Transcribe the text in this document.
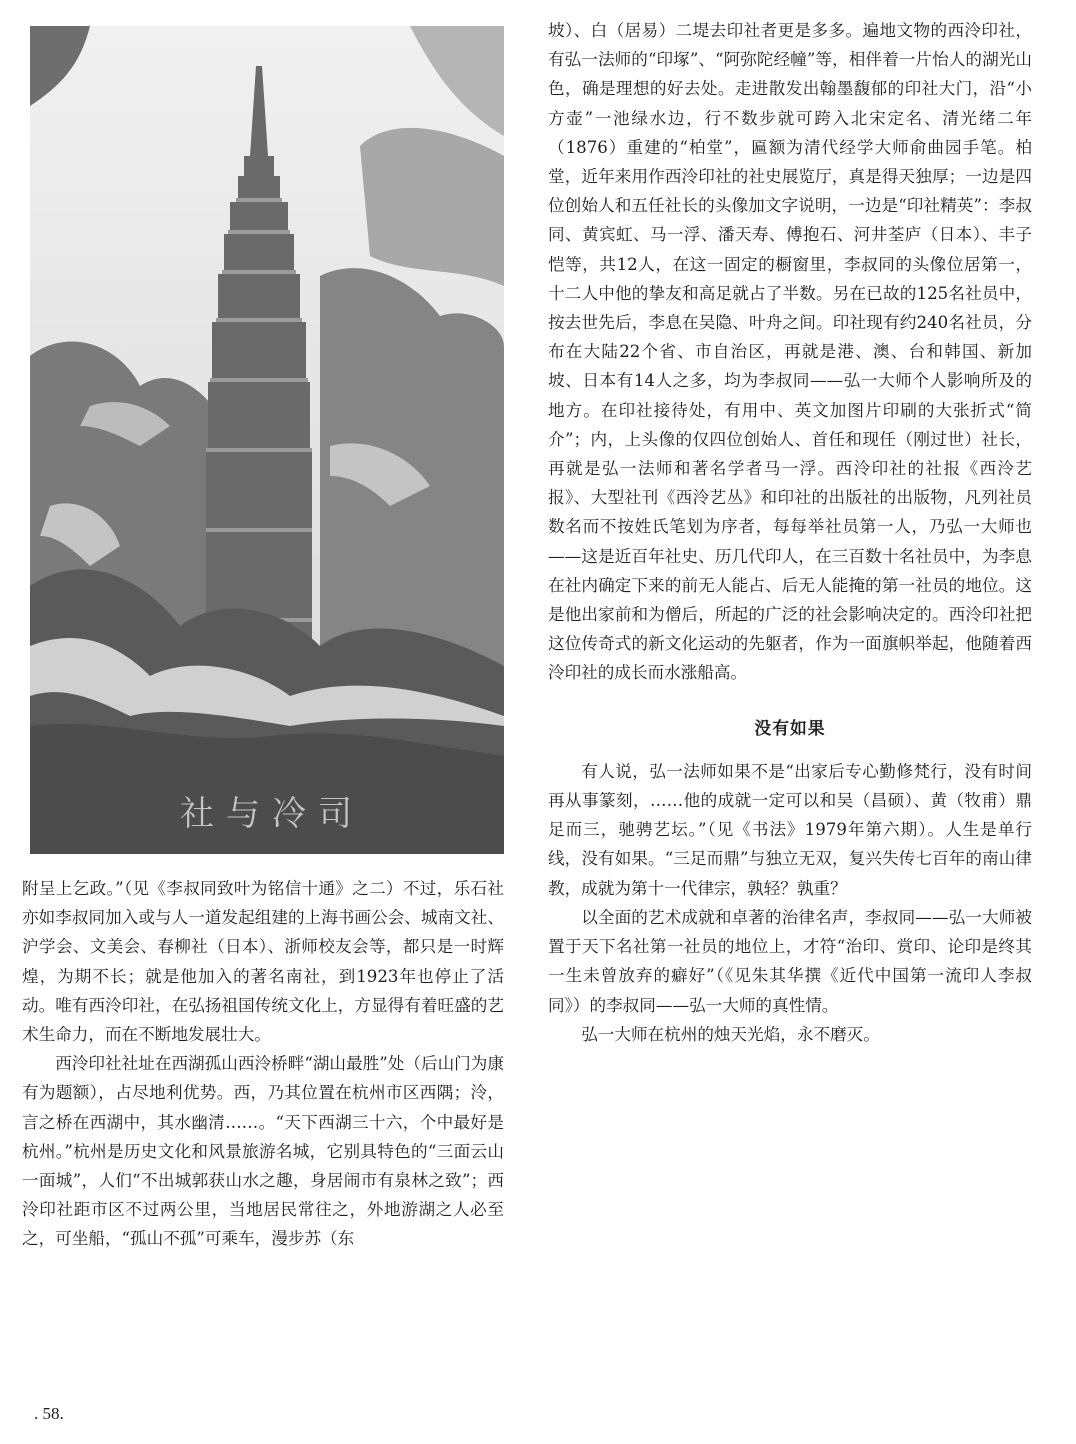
社与冷司

附呈上乞政。”（见《李叔同致叶为铭信十通》之二）不过，乐石社亦如李叔同加入或与人一道发起组建的上海书画公会、城南文社、沪学会、文美会、春柳社（日本）、浙师校友会等，都只是一时辉煌，为期不长；就是他加入的著名南社，到1923年也停止了活动。唯有西泠印社，在弘扬祖国传统文化上，方显得有着旺盛的艺术生命力，而在不断地发展壮大。

西泠印社社址在西湖孤山西泠桥畔“湖山最胜”处（后山门为康有为题额），占尽地利优势。西，乃其位置在杭州市区西隅；泠，言之桥在西湖中，其水幽清……。“天下西湖三十六，个中最好是杭州。”杭州是历史文化和风景旅游名城，它别具特色的“三面云山一面城”，人们“不出城郭获山水之趣，身居闹市有泉林之致”；西泠印社距市区不过两公里，当地居民常往之，外地游湖之人必至之，可坐船，“孤山不孤”可乘车，漫步苏（东

坡）、白（居易）二堤去印社者更是多多。遍地文物的西泠印社，有弘一法师的“印塚”、“阿弥陀经幢”等，相伴着一片怡人的湖光山色，确是理想的好去处。走进散发出翰墨馥郁的印社大门，沿“小方壶”一池绿水边，行不数步就可跨入北宋定名、清光绪二年（1876）重建的“柏堂”，匾额为清代经学大师俞曲园手笔。柏堂，近年来用作西泠印社的社史展览厅，真是得天独厚；一边是四位创始人和五任社长的头像加文字说明，一边是“印社精英”：李叔同、黄宾虹、马一浮、潘天寿、傅抱石、河井荃庐（日本）、丰子恺等，共12人，在这一固定的橱窗里，李叔同的头像位居第一，十二人中他的挚友和高足就占了半数。另在已故的125名社员中，按去世先后，李息在吴隐、叶舟之间。印社现有约240名社员，分布在大陆22个省、市自治区，再就是港、澳、台和韩国、新加坡、日本有14人之多，均为李叔同——弘一大师个人影响所及的地方。在印社接待处，有用中、英文加图片印刷的大张折式“简介”；内，上头像的仅四位创始人、首任和现任（刚过世）社长，再就是弘一法师和著名学者马一浮。西泠印社的社报《西泠艺报》、大型社刊《西泠艺丛》和印社的出版社的出版物，凡列社员数名而不按姓氏笔划为序者，每每举社员第一人，乃弘一大师也——这是近百年社史、历几代印人，在三百数十名社员中，为李息在社内确定下来的前无人能占、后无人能掩的第一社员的地位。这是他出家前和为僧后，所起的广泛的社会影响决定的。西泠印社把这位传奇式的新文化运动的先躯者，作为一面旗帜举起，他随着西泠印社的成长而水涨船高。

没有如果

有人说，弘一法师如果不是“出家后专心勤修梵行，没有时间再从事篆刻，……他的成就一定可以和吴（昌硕）、黄（牧甫）鼎足而三，驰骋艺坛。”（见《书法》1979年第六期）。人生是单行线，没有如果。“三足而鼎”与独立无双，复兴失传七百年的南山律教，成就为第十一代律宗，孰轻？孰重？

以全面的艺术成就和卓著的治律名声，李叔同——弘一大师被置于天下名社第一社员的地位上，才符“治印、赏印、论印是终其一生未曾放弃的癖好”（《见朱其华撰《近代中国第一流印人李叔同》）的李叔同——弘一大师的真性情。

弘一大师在杭州的烛天光焰，永不磨灭。

. 58.
